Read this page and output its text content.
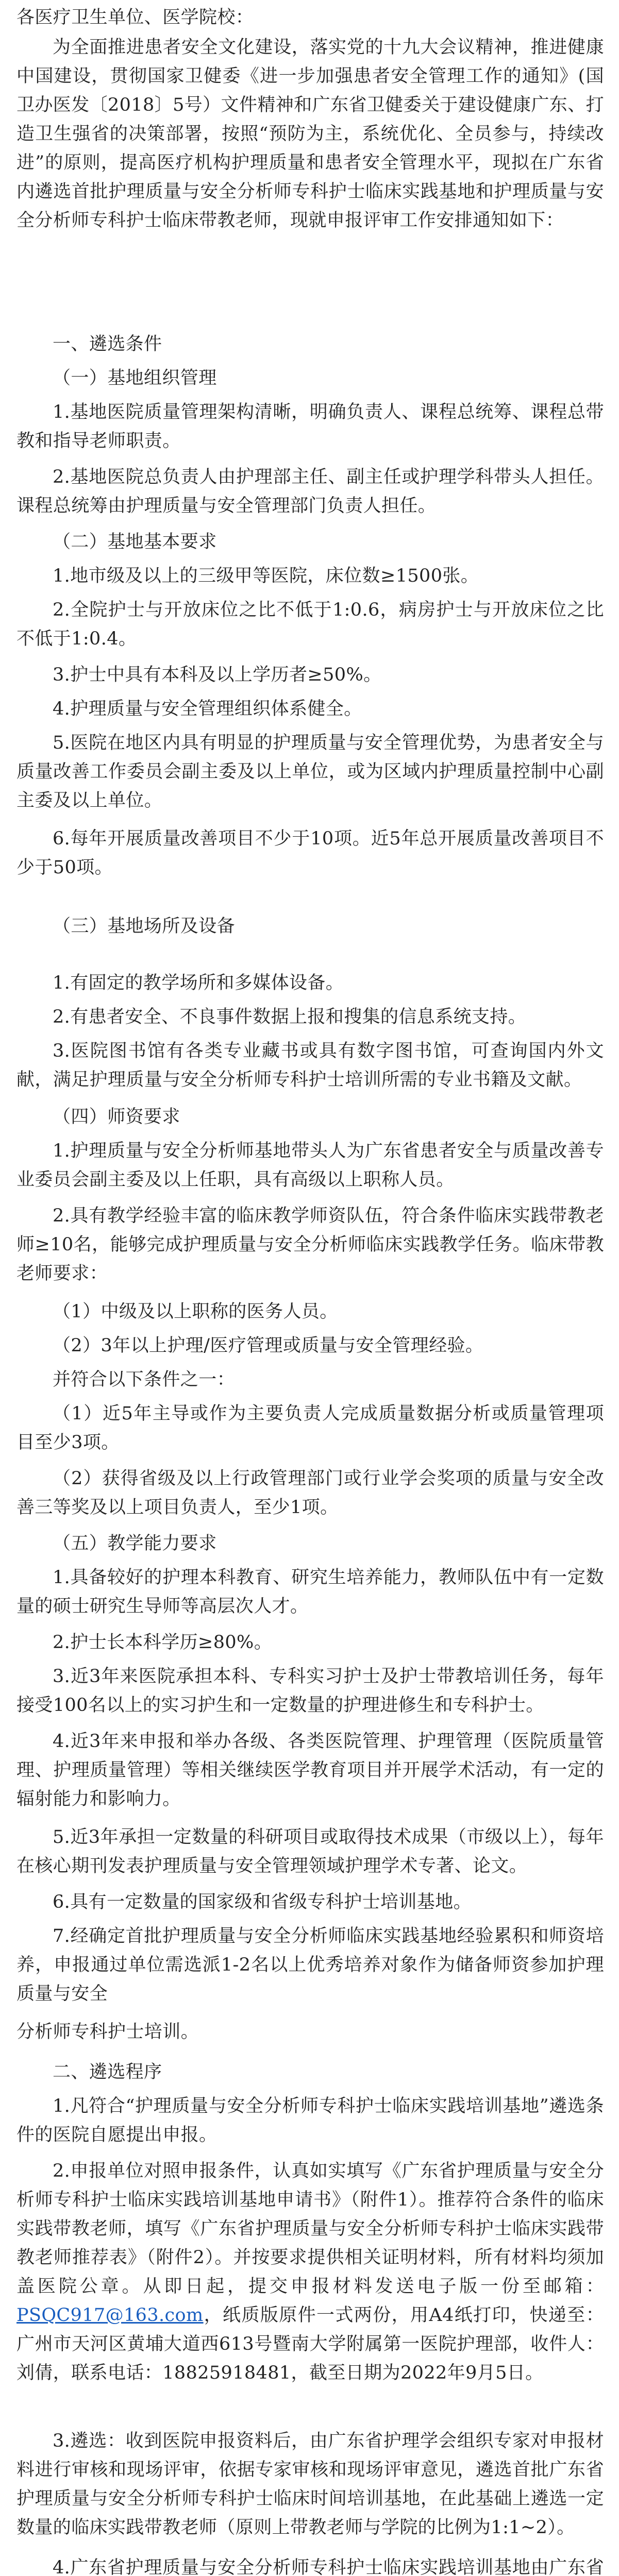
各医疗卫生单位、医学院校：

为全面推进患者安全文化建设，落实党的十九大会议精神，推进健康中国建设，贯彻国家卫健委《进一步加强患者安全管理工作的通知》(国卫办医发〔2018〕5号）文件精神和广东省卫健委关于建设健康广东、打造卫生强省的决策部署，按照“预防为主，系统优化、全员参与，持续改进”的原则，提高医疗机构护理质量和患者安全管理水平，现拟在广东省内遴选首批护理质量与安全分析师专科护士临床实践基地和护理质量与安全分析师专科护士临床带教老师，现就申报评审工作安排通知如下：

一、遴选条件

（一）基地组织管理

1.基地医院质量管理架构清晰，明确负责人、课程总统筹、课程总带教和指导老师职责。

2.基地医院总负责人由护理部主任、副主任或护理学科带头人担任。课程总统筹由护理质量与安全管理部门负责人担任。

（二）基地基本要求

1.地市级及以上的三级甲等医院，床位数≥1500张。

2.全院护士与开放床位之比不低于1:0.6，病房护士与开放床位之比不低于1:0.4。

3.护士中具有本科及以上学历者≥50%。

4.护理质量与安全管理组织体系健全。

5.医院在地区内具有明显的护理质量与安全管理优势，为患者安全与质量改善工作委员会副主委及以上单位，或为区域内护理质量控制中心副主委及以上单位。

6.每年开展质量改善项目不少于10项。近5年总开展质量改善项目不少于50项。

（三）基地场所及设备

1.有固定的教学场所和多媒体设备。

2.有患者安全、不良事件数据上报和搜集的信息系统支持。

3.医院图书馆有各类专业藏书或具有数字图书馆，可查询国内外文献，满足护理质量与安全分析师专科护士培训所需的专业书籍及文献。

（四）师资要求

1.护理质量与安全分析师基地带头人为广东省患者安全与质量改善专业委员会副主委及以上任职，具有高级以上职称人员。

2.具有教学经验丰富的临床教学师资队伍，符合条件临床实践带教老师≥10名，能够完成护理质量与安全分析师临床实践教学任务。临床带教老师要求：

（1）中级及以上职称的医务人员。

（2）3年以上护理/医疗管理或质量与安全管理经验。

并符合以下条件之一：

（1）近5年主导或作为主要负责人完成质量数据分析或质量管理项目至少3项。

（2）获得省级及以上行政管理部门或行业学会奖项的质量与安全改善三等奖及以上项目负责人，至少1项。

（五）教学能力要求

1.具备较好的护理本科教育、研究生培养能力，教师队伍中有一定数量的硕士研究生导师等高层次人才。

2.护士长本科学历≥80%。

3.近3年来医院承担本科、专科实习护士及护士带教培训任务，每年接受100名以上的实习护生和一定数量的护理进修生和专科护士。

4.近3年来申报和举办各级、各类医院管理、护理管理（医院质量管理、护理质量管理）等相关继续医学教育项目并开展学术活动，有一定的辐射能力和影响力。

5.近3年承担一定数量的科研项目或取得技术成果（市级以上），每年在核心期刊发表护理质量与安全管理领域护理学术专著、论文。

6.具有一定数量的国家级和省级专科护士培训基地。

7.经确定首批护理质量与安全分析师临床实践基地经验累积和师资培养，申报通过单位需选派1-2名以上优秀培养对象作为储备师资参加护理质量与安全

分析师专科护士培训。

二、遴选程序

1.凡符合“护理质量与安全分析师专科护士临床实践培训基地”遴选条件的医院自愿提出申报。

2.申报单位对照申报条件，认真如实填写《广东省护理质量与安全分析师专科护士临床实践培训基地申请书》（附件1）。推荐符合条件的临床实践带教老师，填写《广东省护理质量与安全分析师专科护士临床实践带教老师推荐表》（附件2）。并按要求提供相关证明材料，所有材料均须加盖医院公章。从即日起，提交申报材料发送电子版一份至邮箱：PSQC917@163.com，纸质版原件一式两份，用A4纸打印，快递至：广州市天河区黄埔大道西613号暨南大学附属第一医院护理部，收件人：刘倩，联系电话：18825918481，截至日期为2022年9月5日。

3.遴选：收到医院申报资料后，由广东省护理学会组织专家对申报材料进行审核和现场评审，依据专家审核和现场评审意见，遴选首批广东省护理质量与安全分析师专科护士临床时间培训基地，在此基础上遴选一定数量的临床实践带教老师（原则上带教老师与学院的比例为1:1~2）。

4.广东省护理质量与安全分析师专科护士临床实践培训基地由广东省
